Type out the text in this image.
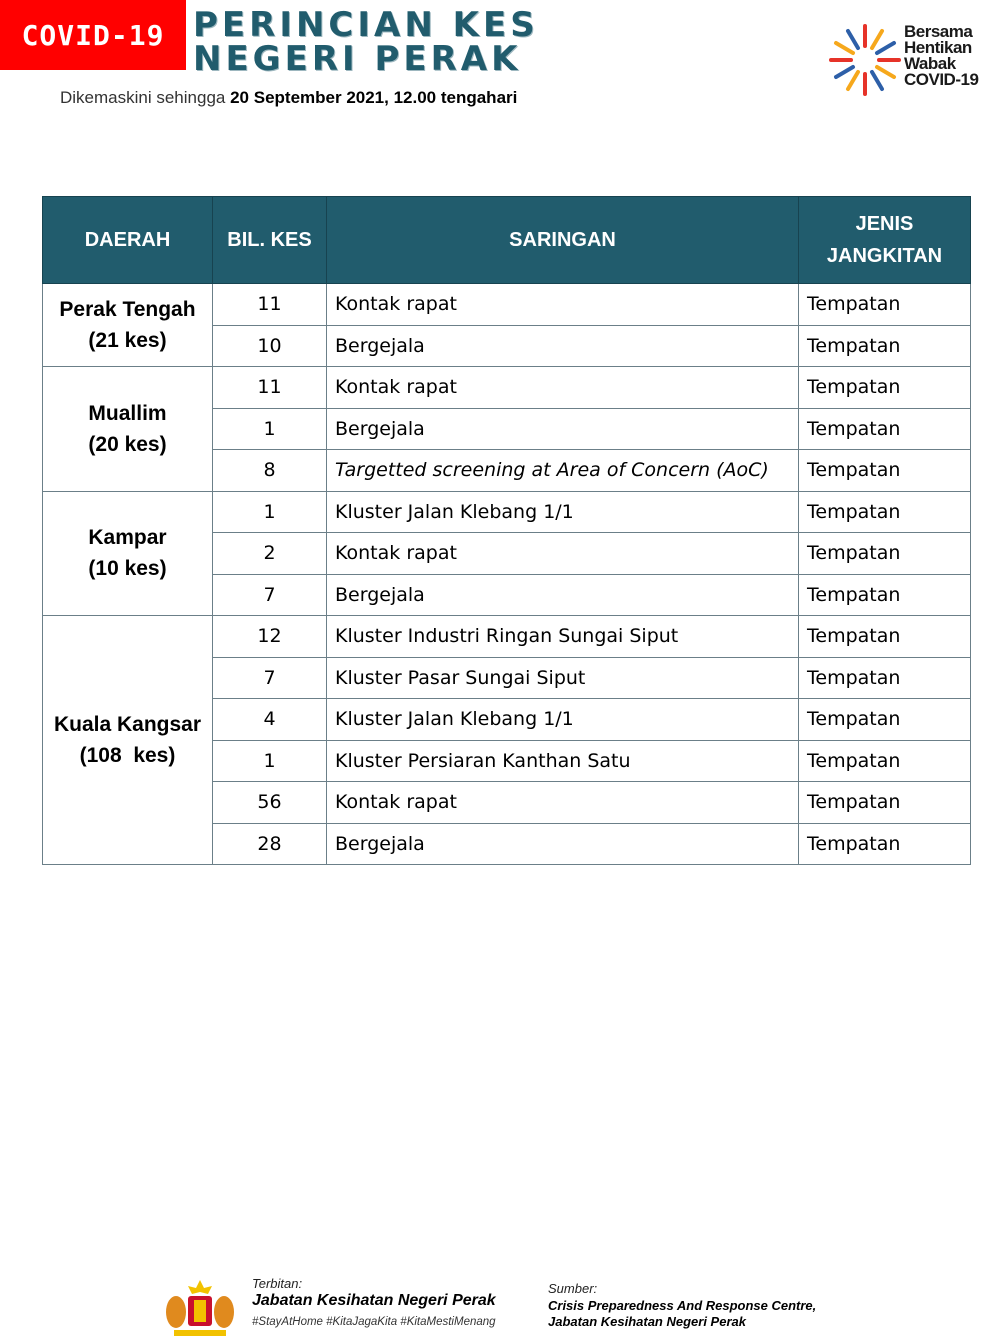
COVID-19 PERINCIAN KES
NEGERI PERAK
Dikemaskini sehingga 20 September 2021, 12.00 tengahari
Bersama
Hentikan
Wabak
COVID-19
DAERAH	BIL. KES	SARINGAN	JENIS
JANGKITAN
Perak Tengah
(21 kes)	11	Kontak rapat	Tempatan
	10	Bergejala	Tempatan
Muallim
(20 kes)	11	Kontak rapat	Tempatan
	1	Bergejala	Tempatan
	8	Targetted screening at Area of Concern (AoC)	Tempatan
Kampar
(10 kes)	1	Kluster Jalan Klebang 1/1	Tempatan
	2	Kontak rapat	Tempatan
	7	Bergejala	Tempatan
Kuala Kangsar
(108  kes)	12	Kluster Industri Ringan Sungai Siput	Tempatan
	7	Kluster Pasar Sungai Siput	Tempatan
	4	Kluster Jalan Klebang 1/1	Tempatan
	1	Kluster Persiaran Kanthan Satu	Tempatan
	56	Kontak rapat	Tempatan
	28	Bergejala	Tempatan
Terbitan:
Jabatan Kesihatan Negeri Perak
#StayAtHome #KitaJagaKita #KitaMestiMenang
Sumber:
Crisis Preparedness And Response Centre,
Jabatan Kesihatan Negeri Perak
